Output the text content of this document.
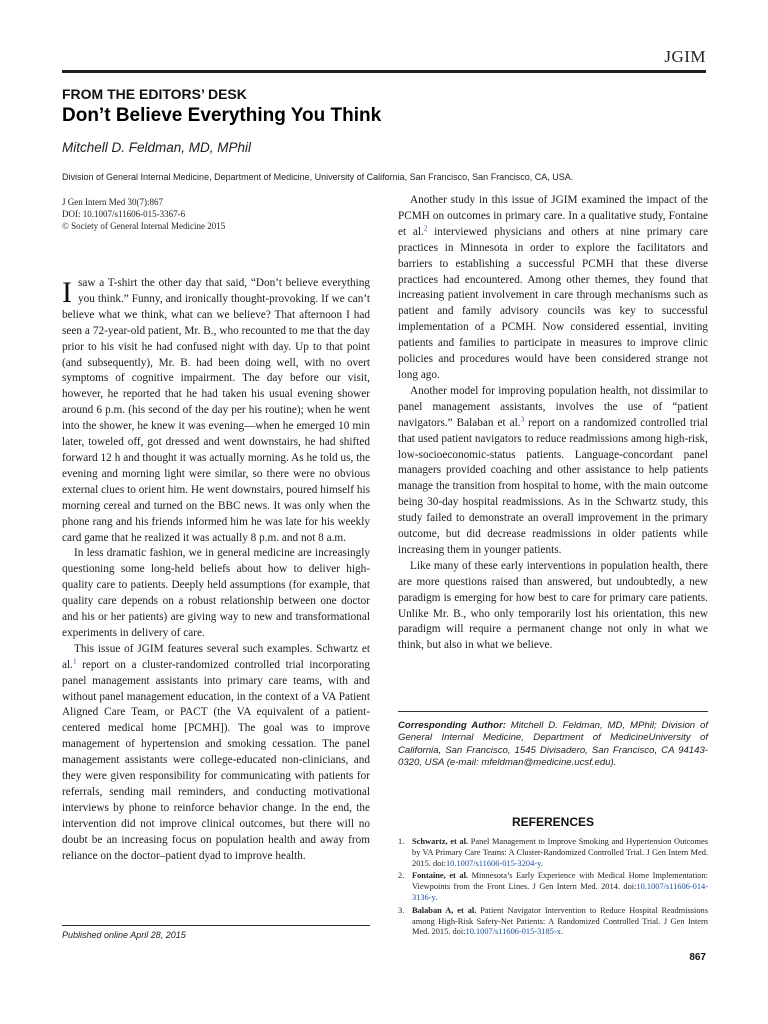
JGIM
FROM THE EDITORS’ DESK
Don’t Believe Everything You Think
Mitchell D. Feldman, MD, MPhil
Division of General Internal Medicine, Department of Medicine, University of California, San Francisco, San Francisco, CA, USA.
J Gen Intern Med 30(7):867
DOI: 10.1007/s11606-015-3367-6
© Society of General Internal Medicine 2015

Isaw a T-shirt the other day that said, “Don’t believe everything you think.” Funny, and ironically thought-provoking. If we can’t believe what we think, what can we believe? That afternoon I had seen a 72-year-old patient, Mr. B., who recounted to me that the day prior to his visit he had confused night with day. Up to that point (and subsequently), Mr. B. had been doing well, with no overt symptoms of cognitive impairment. The day before our visit, however, he reported that he had taken his usual evening shower around 6 p.m. (his second of the day per his routine); when he went into the shower, he knew it was evening—when he emerged 10 min later, toweled off, got dressed and went downstairs, he had shifted forward 12 h and thought it was actually morning. As he told us, the evening and morning light were similar, so there were no obvious external clues to orient him. He went downstairs, poured himself his morning cereal and turned on the BBC news. It was only when the phone rang and his friends informed him he was late for his weekly card game that he realized it was actually 8 p.m. and not 8 a.m.

In less dramatic fashion, we in general medicine are increasingly questioning some long-held beliefs about how to deliver high-quality care to patients. Deeply held assumptions (for example, that quality care depends on a robust relationship between one doctor and his or her patients) are giving way to new and transformational experiments in delivery of care.

This issue of JGIM features several such examples. Schwartz et al.$^1$ report on a cluster-randomized controlled trial incorporating panel management assistants into primary care teams, with and without panel management education, in the context of a VA Patient Aligned Care Team, or PACT (the VA equivalent of a patient-centered medical home [PCMH]). The goal was to improve management of hypertension and smoking cessation. The panel management assistants were college-educated non-clinicians, and they were given responsibility for communicating with patients for referrals, sending mail reminders, and conducting motivational interviews by phone to reinforce behavior change. In the end, the intervention did not improve clinical outcomes, but there will no doubt be an increasing focus on population health and away from reliance on the doctor–patient dyad to improve health.

Another study in this issue of JGIM examined the impact of the PCMH on outcomes in primary care. In a qualitative study, Fontaine et al.$^2$ interviewed physicians and others at nine primary care practices in Minnesota in order to explore the facilitators and barriers to establishing a successful PCMH that these diverse practices had encountered. Among other themes, they found that increasing patient involvement in care through mechanisms such as patient and family advisory councils was key to successful implementation of a PCMH. Now considered essential, inviting patients and families to participate in measures to improve clinic policies and procedures would have been considered strange not long ago.

Another model for improving population health, not dissimilar to panel management assistants, involves the use of “patient navigators.” Balaban et al.$^3$ report on a randomized controlled trial that used patient navigators to reduce readmissions among high-risk, low-socioeconomic-status patients. Language-concordant panel managers provided coaching and other assistance to help patients manage the transition from hospital to home, with the main outcome being 30-day hospital readmissions. As in the Schwartz study, this study failed to demonstrate an overall improvement in the primary outcome, but did decrease readmissions in older patients while increasing them in younger patients.

Like many of these early interventions in population health, there are more questions raised than answered, but undoubtedly, a new paradigm is emerging for how best to care for primary care patients. Unlike Mr. B., who only temporarily lost his orientation, this new paradigm will require a permanent change not only in what we think, but also in what we believe.

Published online April 28, 2015
Corresponding Author: Mitchell D. Feldman, MD, MPhil; Division of General Internal Medicine, Department of MedicineUniversity of California, San Francisco, 1545 Divisadero, San Francisco, CA 94143-0320, USA (e-mail: mfeldman@medicine.ucsf.edu).
REFERENCES
1. Schwartz, et al. Panel Management to Improve Smoking and Hypertension Outcomes by VA Primary Care Teams: A Cluster-Randomized Controlled Trial. J Gen Intern Med. 2015. doi:10.1007/s11606-015-3204-y.
2. Fontaine, et al. Minnesota’s Early Experience with Medical Home Implementation: Viewpoints from the Front Lines. J Gen Intern Med. 2014. doi:10.1007/s11606-014-3136-y.
3. Balaban A, et al. Patient Navigator Intervention to Reduce Hospital Readmissions among High-Risk Safety-Net Patients: A Randomized Controlled Trial. J Gen Intern Med. 2015. doi:10.1007/s11606-015-3185-x.
867
